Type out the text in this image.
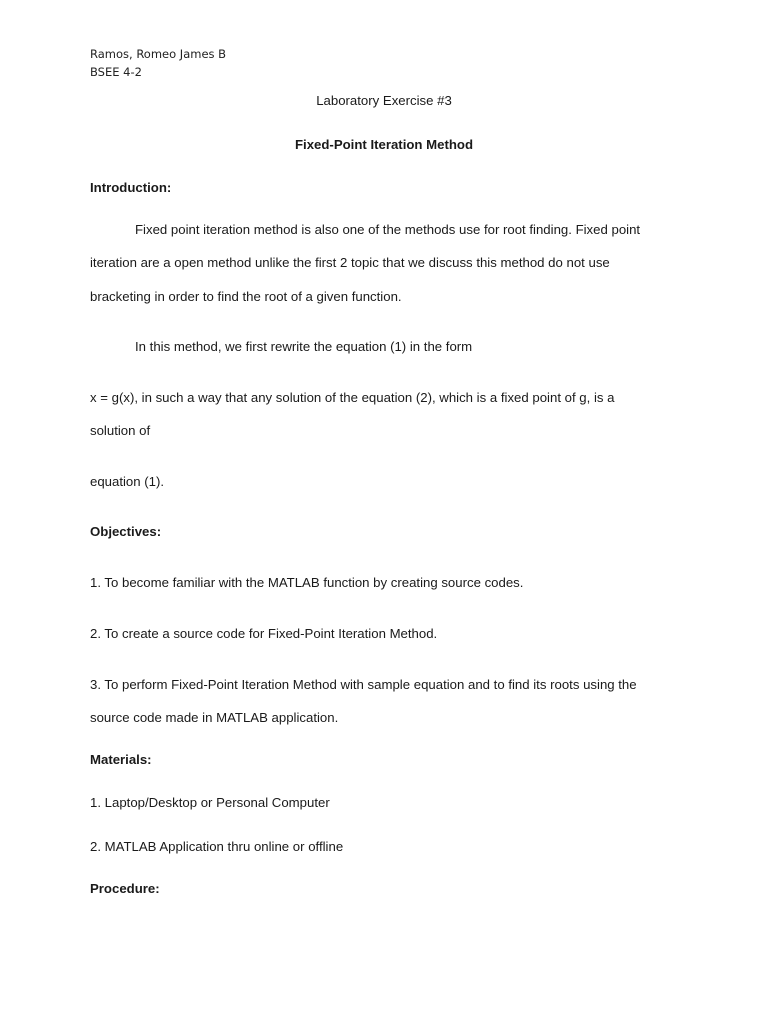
Ramos, Romeo James B

BSEE 4-2

Laboratory Exercise #3

Fixed-Point Iteration Method

Introduction:

Fixed point iteration method is also one of the methods use for root finding. Fixed point

iteration are a open method unlike the first 2 topic that we discuss this method do not use

bracketing in order to find the root of a given function.

In this method, we first rewrite the equation (1) in the form

x = g(x), in such a way that any solution of the equation (2), which is a fixed point of g, is a

solution of

equation (1).

Objectives:

1. To become familiar with the MATLAB function by creating source codes.

2. To create a source code for Fixed-Point Iteration Method.

3. To perform Fixed-Point Iteration Method with sample equation and to find its roots using the

source code made in MATLAB application.

Materials:

1. Laptop/Desktop or Personal Computer

2. MATLAB Application thru online or offline

Procedure:
